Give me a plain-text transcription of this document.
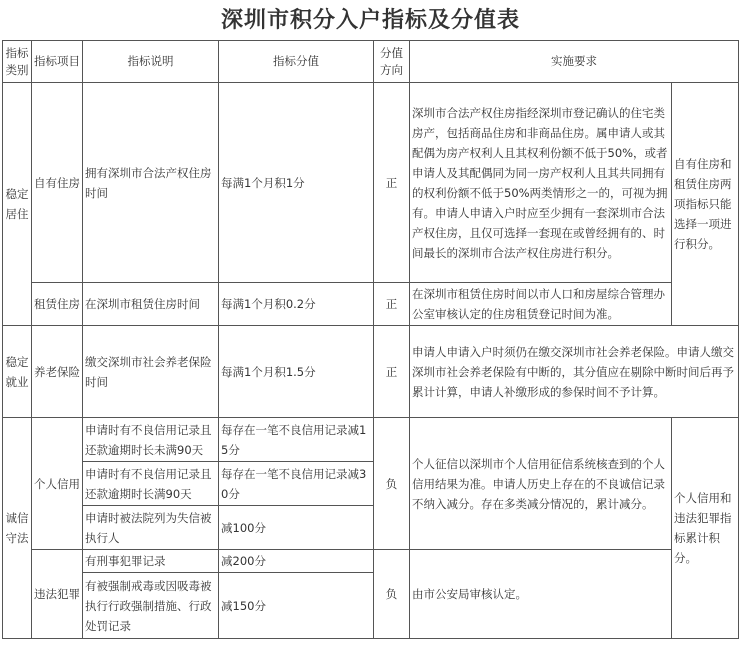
深圳市积分入户指标及分值表
指标类别	指标项目	指标说明	指标分值	分值方向	实施要求	
稳定居住	自有住房	拥有深圳市合法产权住房时间	每满1个月积1分	正	深圳市合法产权住房指经深圳市登记确认的住宅类房产，包括商品住房和非商品住房。属申请人或其配偶为房产权利人且其权利份额不低于50%，或者申请人及其配偶同为同一房产权利人且其共同拥有的权利份额不低于50%两类情形之一的，可视为拥有。申请人申请入户时应至少拥有一套深圳市合法产权住房，且仅可选择一套现在或曾经拥有的、时间最长的深圳市合法产权住房进行积分。	自有住房和租赁住房两项指标只能选择一项进行积分。
	租赁住房	在深圳市租赁住房时间	每满1个月积0.2分	正	在深圳市租赁住房时间以市人口和房屋综合管理办公室审核认定的住房租赁登记时间为准。	
稳定就业	养老保险	缴交深圳市社会养老保险时间	每满1个月积1.5分	正	申请人申请入户时须仍在缴交深圳市社会养老保险。申请人缴交深圳市社会养老保险有中断的，其分值应在剔除中断时间后再予累计计算，申请人补缴形成的参保时间不予计算。	
诚信守法	个人信用	申请时有不良信用记录且还款逾期时长未满90天	每存在一笔不良信用记录减15分	负	个人征信以深圳市个人信用征信系统核查到的个人信用结果为准。申请人历史上存在的不良诚信记录不纳入减分。存在多类减分情况的，累计减分。	个人信用和违法犯罪指标累计积分。
		申请时有不良信用记录且还款逾期时长满90天	每存在一笔不良信用记录减30分			
		申请时被法院列为失信被执行人	减100分			
	违法犯罪	有刑事犯罪记录	减200分	负	由市公安局审核认定。	
		有被强制戒毒或因吸毒被执行行政强制措施、行政处罚记录	减150分			
